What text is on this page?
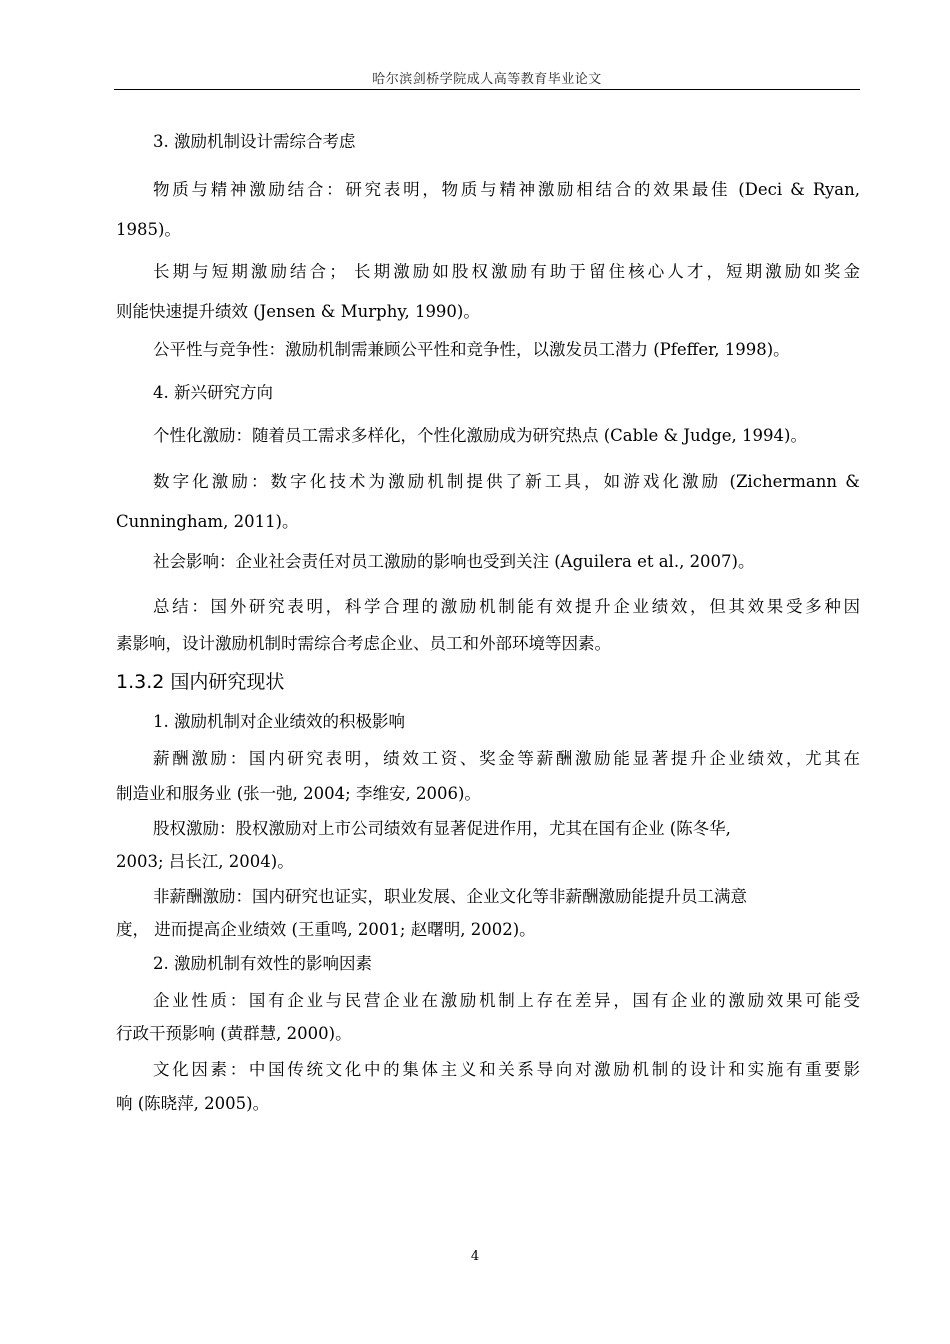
哈尔滨剑桥学院成人高等教育毕业论文
3. 激励机制设计需综合考虑
物质与精神激励结合：研究表明，物质与精神激励相结合的效果最佳 (Deci & Ryan,
1985)。
长期与短期激励结合； 长期激励如股权激励有助于留住核心人才，短期激励如奖金
则能快速提升绩效 (Jensen & Murphy, 1990)。
公平性与竞争性：激励机制需兼顾公平性和竞争性，以激发员工潜力 (Pfeffer, 1998)。
4. 新兴研究方向
个性化激励：随着员工需求多样化，个性化激励成为研究热点 (Cable & Judge, 1994)。
数字化激励：数字化技术为激励机制提供了新工具，如游戏化激励 (Zichermann &
Cunningham, 2011)。
社会影响：企业社会责任对员工激励的影响也受到关注 (Aguilera et al., 2007)。
总结：国外研究表明，科学合理的激励机制能有效提升企业绩效，但其效果受多种因
素影响，设计激励机制时需综合考虑企业、员工和外部环境等因素。
1.3.2 国内研究现状
1. 激励机制对企业绩效的积极影响
薪酬激励：国内研究表明，绩效工资、奖金等薪酬激励能显著提升企业绩效，尤其在
制造业和服务业 (张一弛, 2004; 李维安, 2006)。
股权激励：股权激励对上市公司绩效有显著促进作用，尤其在国有企业 (陈冬华,
2003; 吕长江, 2004)。
非薪酬激励：国内研究也证实，职业发展、企业文化等非薪酬激励能提升员工满意
度， 进而提高企业绩效 (王重鸣, 2001; 赵曙明, 2002)。
2. 激励机制有效性的影响因素
企业性质：国有企业与民营企业在激励机制上存在差异，国有企业的激励效果可能受
行政干预影响 (黄群慧, 2000)。
文化因素：中国传统文化中的集体主义和关系导向对激励机制的设计和实施有重要影
响 (陈晓萍, 2005)。
4
